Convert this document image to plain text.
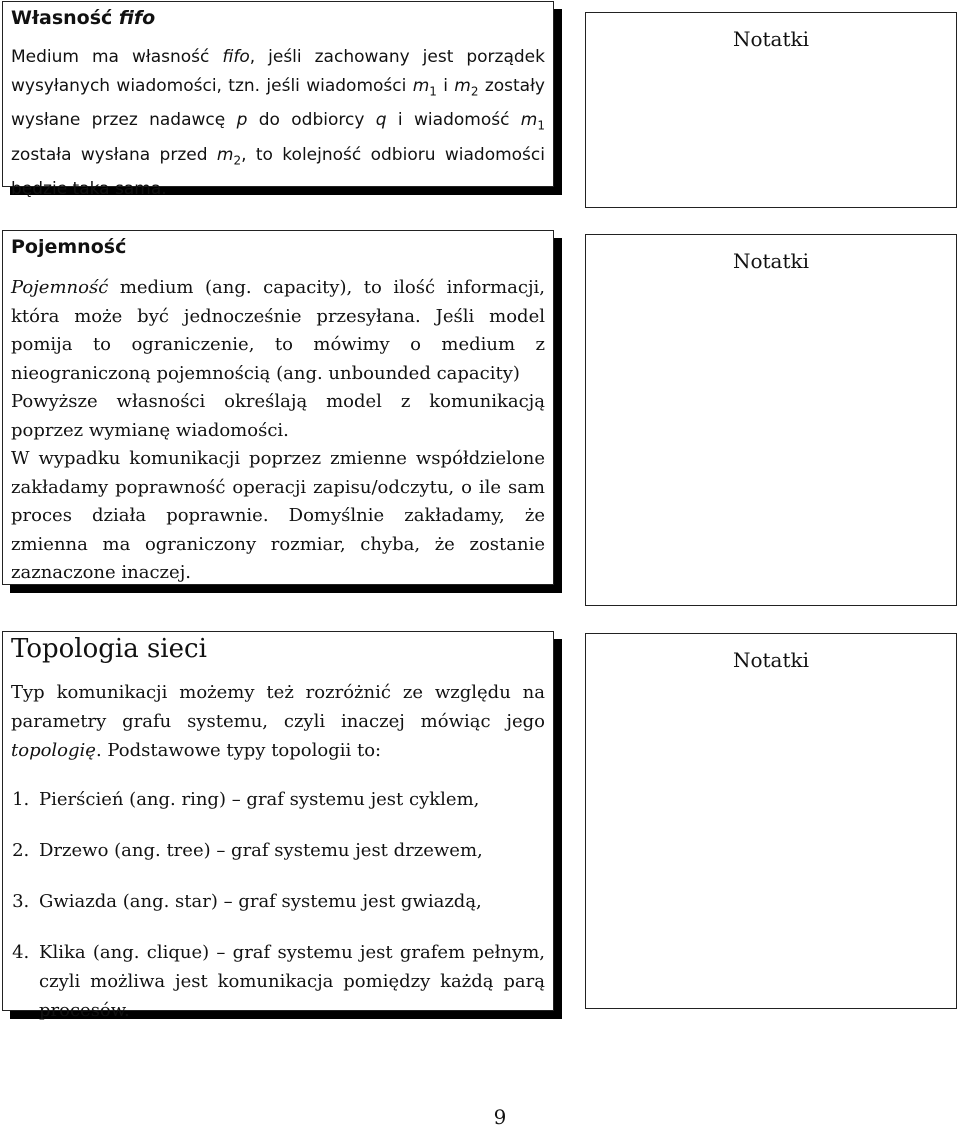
Własność fifo

Medium ma własność fifo, jeśli zachowany jest porządek wysyłanych wiadomości, tzn. jeśli wiadomości $m_1$ i $m_2$ zostały wysłane przez nadawcę p do odbiorcy q i wiadomość $m_1$ została wysłana przed $m_2$, to kolejność odbioru wiadomości będzie taka sama.

Notatki
Pojemność

Pojemność medium (ang. capacity), to ilość informacji, która może być jednocześnie przesyłana. Jeśli model pomija to ograniczenie, to mówimy o medium z nieograniczoną pojemnością (ang. unbounded capacity)

Powyższe własności określają model z komunikacją poprzez wymianę wiadomości.

W wypadku komunikacji poprzez zmienne współdzielone zakładamy poprawność operacji zapisu/odczytu, o ile sam proces działa poprawnie. Domyślnie zakładamy, że zmienna ma ograniczony rozmiar, chyba, że zostanie zaznaczone inaczej.

Notatki
Topologia sieci

Typ komunikacji możemy też rozróżnić ze względu na parametry grafu systemu, czyli inaczej mówiąc jego topologię. Podstawowe typy topologii to:

1. Pierścień (ang. ring) – graf systemu jest cyklem,
2. Drzewo (ang. tree) – graf systemu jest drzewem,
3. Gwiazda (ang. star) – graf systemu jest gwiazdą,
4. Klika (ang. clique) – graf systemu jest grafem pełnym, czyli możliwa jest komunikacja pomiędzy każdą parą procesów.
Notatki
9
